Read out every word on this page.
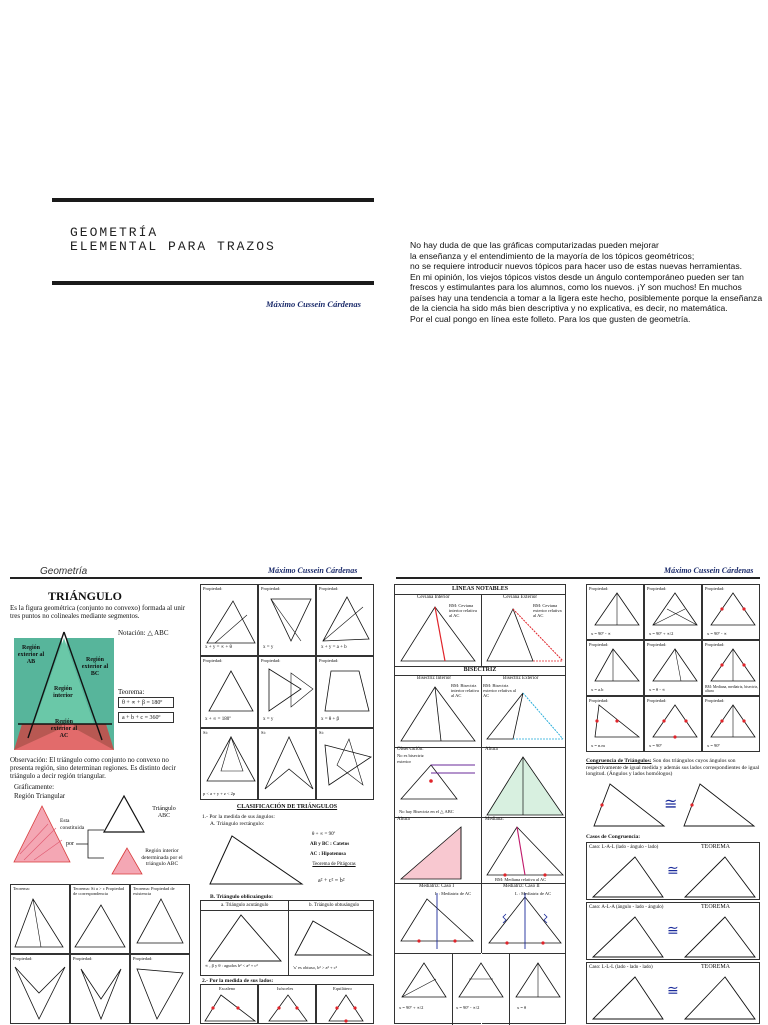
GEOMETRÍA
ELEMENTAL PARA TRAZOS
Máximo Cussein Cárdenas
No hay duda de que las gráficas computarizadas pueden mejorar
la enseñanza y el entendimiento de la mayoría de los tópicos geométricos;
no se requiere introducir nuevos tópicos para hacer uso de estas nuevas herramientas.
En mi opinión, los viejos tópicos vistos desde un ángulo contemporáneo pueden ser tan
frescos y estimulantes para los alumnos, como los nuevos. ¡Y son muchos! En muchos
países hay una tendencia a tomar a la ligera este hecho, posiblemente porque la enseñanza
de la ciencia ha sido más bien descriptiva y no explicativa, es decir, no matemática.
Por el cual pongo en línea este folleto. Para los que gusten de geometría.
Geometría	Máximo Cussein Cárdenas
TRIÁNGULO
Es la figura geométrica (conjunto no convexo) formada al unir tres puntos no colineales mediante segmentos.
Notación: △ ABC
Región exterior al AB	Región exterior al BC
Región interior
Región exterior al AC
Teorema:
θ + ∝ + β = 180º
a + b + c = 360º
Observación: El triángulo como conjunto no convexo no presenta región, sino determinan regiones. Es distinto decir triángulo a decir región triangular.
Gráficamente:
Región Triangular
Esta constituida
por
Triángulo ABC
Región interior determinada por el triángulo ABC
Teorema:	Teorema: Si a > c Propiedad de correspondencia
Teorema: Propiedad de existencia
Propiedad:	Propiedad:	Propiedad:
Propiedad:
x + y = ∝ + θ
Propiedad:
x = y
Propiedad:
x + y = a + b
Propiedad:
x + ∝ = 180º
Propiedad:
x = y
Propiedad:
x = θ + β
Si:
p < a + y + z < 2p
Si:	Si:
CLASIFICACIÓN DE TRIÁNGULOS
1.- Por la medida de sus ángulos:
A. Triángulo rectángulo:
θ + ∝ = 90º
AB y BC : Catetos
AC : Hipotenusa
Teorema de Pitágoras
a² + c² = b²
B. Triángulo oblicuángulo:
a. Triángulo acutángulo	b. Triángulo obtusángulo
∝ , β y θ : agudos b² < a² + c²	'x' es obtuso, b² > a² + c²
2.- Por la medida de sus lados:
Escaleno	Isósceles	Equilátero
Máximo Cussein Cárdenas
LÍNEAS NOTABLES
Ceviana Interior	Ceviana Exterior
BM: Ceviana interior relativa al AC
BM: Ceviana exterior relativa al AC
BISECTRIZ
Bisectriz Interior	Bisectriz Exterior
BM: Bisectriz interior relativa al AC
BM: Bisectriz exterior relativa al AC
Observación:
No es bisectriz exterior
No hay Bisectriz en el △ ABC
Altura
Altura	Mediana:
BM: Mediana relativa al AC
Mediatriz: Caso I	Mediatriz: Caso II
L : Mediatriz de AC	L : Mediatriz de AC
x = 90º + ∝/2	x = 90º - ∝/2	x = θ
Propiedad:
x = 90º - ∝
Propiedad:
x = 90º + ∝/2
Propiedad:
x = 90º - ∝
Propiedad:
x = a.b
Propiedad:
x = θ - ∝
Propiedad:
BM: Mediana, mediatriz, bisectriz, altura
Propiedad:
x = n.m
Propiedad:
x = 90º
Propiedad:
x = 90º
Congruencia de Triángulos: Son dos triángulos cuyos ángulos son respectivamente de igual medida y además sus lados correspondientes de igual longitud. (Ángulos y lados homólogos)
≅
Casos de Congruencia:
Caso: L-A-L (lado - ángulo - lado)	TEOREMA
≅
Caso: A-L-A (ángulo - lado - ángulo)	TEOREMA
≅
Caso: L-L-L (lado - lado - lado)	TEOREMA
≅
